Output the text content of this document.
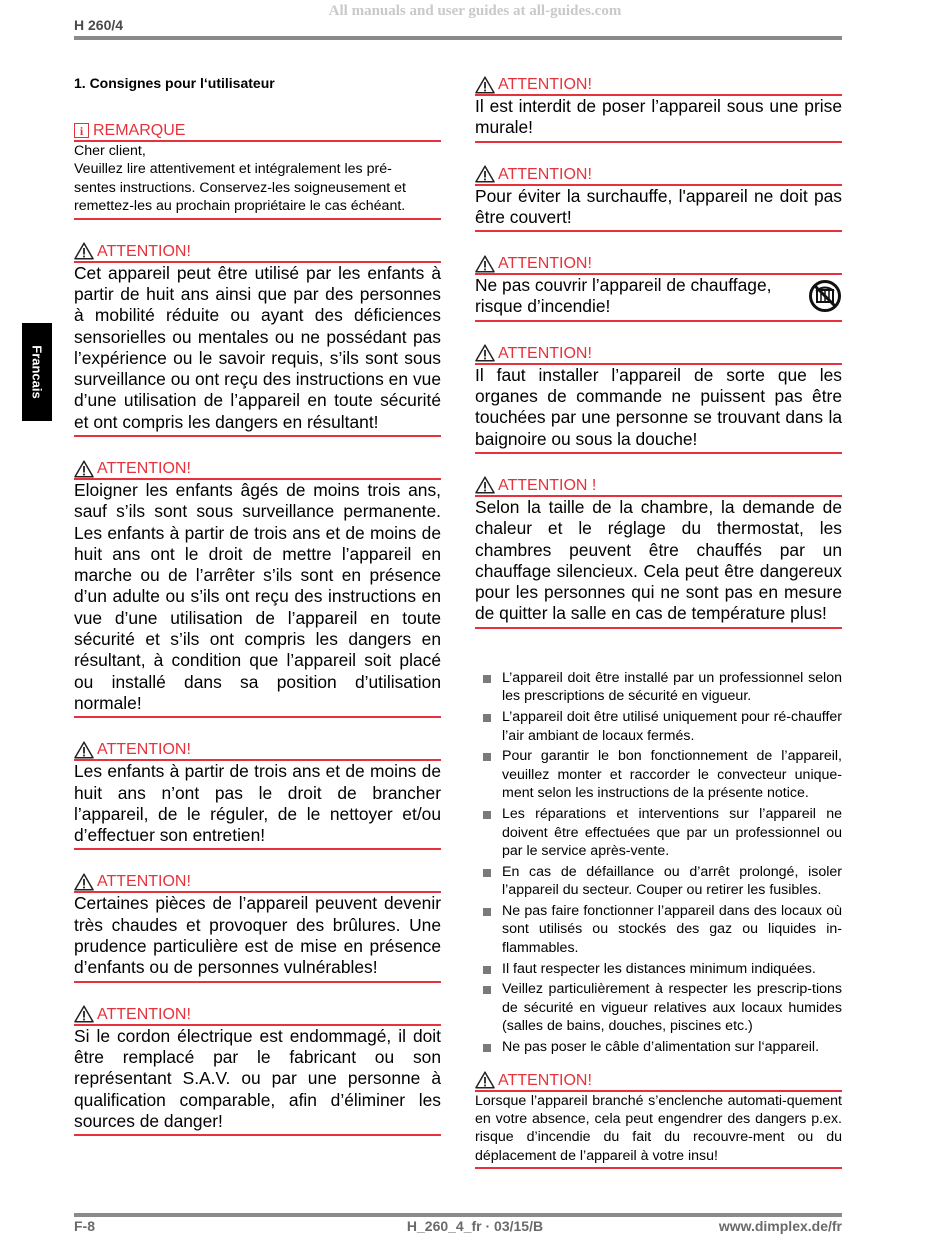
All manuals and user guides at all-guides.com
H 260/4
Francais
1. Consignes pour l‘utilisateur
i REMARQUE
Cher client,
Veuillez lire attentivement et intégralement les pré-
sentes instructions. Conservez-les soigneusement et
remettez-les au prochain propriétaire le cas échéant.
ATTENTION!
Cet appareil peut être utilisé par les enfants à partir de huit ans ainsi que par des personnes à mobilité réduite ou ayant des déficiences sensorielles ou mentales ou ne possédant pas l’expérience ou le savoir requis, s’ils sont sous surveillance ou ont reçu des instructions en vue d’une utilisation de l’appareil en toute sécurité et ont compris les dangers en résultant!
ATTENTION!
Eloigner les enfants âgés de moins trois ans, sauf s’ils sont sous surveillance permanente. Les enfants à partir de trois ans et de moins de huit ans ont le droit de mettre l’appareil en marche ou de l’arrêter s’ils sont en présence d’un adulte ou s’ils ont reçu des instructions en vue d’une utilisation de l’appareil en toute sécurité et s’ils ont compris les dangers en résultant, à condition que l’appareil soit placé ou installé dans sa position d’utilisation normale!
ATTENTION!
Les enfants à partir de trois ans et de moins de huit ans n’ont pas le droit de brancher l’appareil, de le réguler, de le nettoyer et/ou d’effectuer son entretien!
ATTENTION!
Certaines pièces de l’appareil peuvent devenir très chaudes et provoquer des brûlures. Une prudence particulière est de mise en présence d’enfants ou de personnes vulnérables!
ATTENTION!
Si le cordon électrique est endommagé, il doit être remplacé par le fabricant ou son représentant S.A.V. ou par une personne à qualification comparable, afin d’éliminer les sources de danger!
ATTENTION!
Il est interdit de poser l’appareil sous une prise murale!
ATTENTION!
Pour éviter la surchauffe, l'appareil ne doit pas être couvert!
ATTENTION!
Ne pas couvrir l’appareil de chauffage, risque d’incendie!
ATTENTION!
Il faut installer l’appareil de sorte que les organes de commande ne puissent pas être touchées par une personne se trouvant dans la baignoire ou sous la douche!
ATTENTION !
Selon la taille de la chambre, la demande de chaleur et le réglage du thermostat, les chambres peuvent être chauffés par un chauffage silencieux. Cela peut être dangereux pour les personnes qui ne sont pas en mesure de quitter la salle en cas de température plus!
L’appareil doit être installé par un professionnel selon les prescriptions de sécurité en vigueur.
L’appareil doit être utilisé uniquement pour ré-chauffer l’air ambiant de locaux fermés.
Pour garantir le bon fonctionnement de l’appareil, veuillez monter et raccorder le convecteur unique-ment selon les instructions de la présente notice.
Les réparations et interventions sur l’appareil ne doivent être effectuées que par un professionnel ou par le service après-vente.
En cas de défaillance ou d’arrêt prolongé, isoler l’appareil du secteur. Couper ou retirer les fusibles.
Ne pas faire fonctionner l’appareil dans des locaux où sont utilisés ou stockés des gaz ou liquides in-flammables.
Il faut respecter les distances minimum indiquées.
Veillez particulièrement à respecter les prescrip-tions de sécurité en vigueur relatives aux locaux humides (salles de bains, douches, piscines etc.)
Ne pas poser le câble d’alimentation sur l‘appareil.
ATTENTION!
Lorsque l’appareil branché s’enclenche automati-quement en votre absence, cela peut engendrer des dangers p.ex. risque d’incendie du fait du recouvre-ment ou du déplacement de l’appareil à votre insu!
F-8	H_260_4_fr · 03/15/B	www.dimplex.de/fr
